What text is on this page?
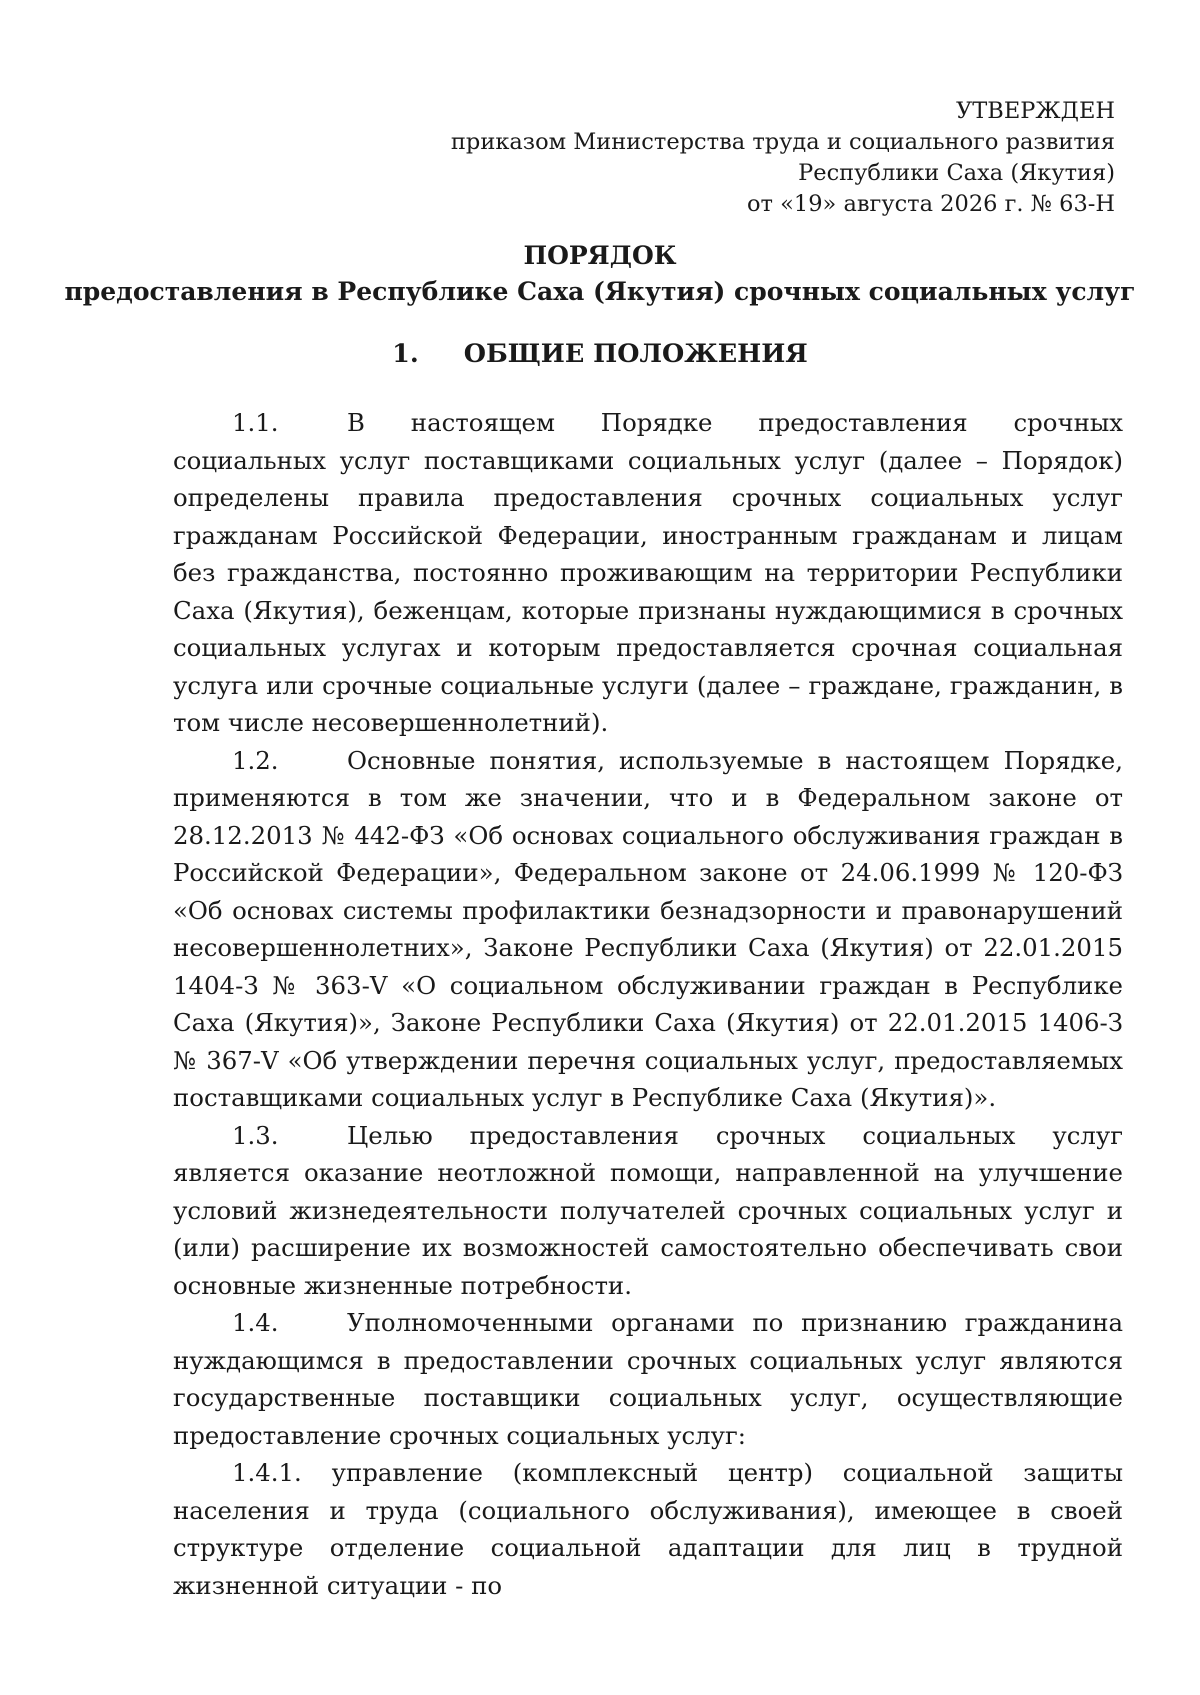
УТВЕРЖДЕН
приказом Министерства труда и социального развития
Республики Саха (Якутия)
от «19» августа 2026 г. № 63-Н
ПОРЯДОК
предоставления в Республике Саха (Якутия) срочных социальных услуг
1. ОБЩИЕ ПОЛОЖЕНИЯ

1.1.	В настоящем Порядке предоставления срочных социальных услуг поставщиками социальных услуг (далее – Порядок) определены правила предоставления срочных социальных услуг гражданам Российской Федерации, иностранным гражданам и лицам без гражданства, постоянно проживающим на территории Республики Саха (Якутия), беженцам, которые признаны нуждающимися в срочных социальных услугах и которым предоставляется срочная социальная услуга или срочные социальные услуги (далее – граждане, гражданин, в том числе несовершеннолетний).

1.2.	Основные понятия, используемые в настоящем Порядке, применяются в том же значении, что и в Федеральном законе от 28.12.2013 № 442-ФЗ «Об основах социального обслуживания граждан в Российской Федерации», Федеральном законе от 24.06.1999 № 120-ФЗ «Об основах системы профилактики безнадзорности и правонарушений несовершеннолетних», Законе Республики Саха (Якутия) от 22.01.2015 1404-З № 363-V «О социальном обслуживании граждан в Республике Саха (Якутия)», Законе Республики Саха (Якутия) от 22.01.2015 1406-З № 367-V «Об утверждении перечня социальных услуг, предоставляемых поставщиками социальных услуг в Республике Саха (Якутия)».

1.3.	Целью предоставления срочных социальных услуг является оказание неотложной помощи, направленной на улучшение условий жизнедеятельности получателей срочных социальных услуг и (или) расширение их возможностей самостоятельно обеспечивать свои основные жизненные потребности.

1.4.	Уполномоченными органами по признанию гражданина нуждающимся в предоставлении срочных социальных услуг являются государственные поставщики социальных услуг, осуществляющие предоставление срочных социальных услуг:

1.4.1. управление (комплексный центр) социальной защиты населения и труда (социального обслуживания), имеющее в своей структуре отделение социальной адаптации для лиц в трудной жизненной ситуации - по
